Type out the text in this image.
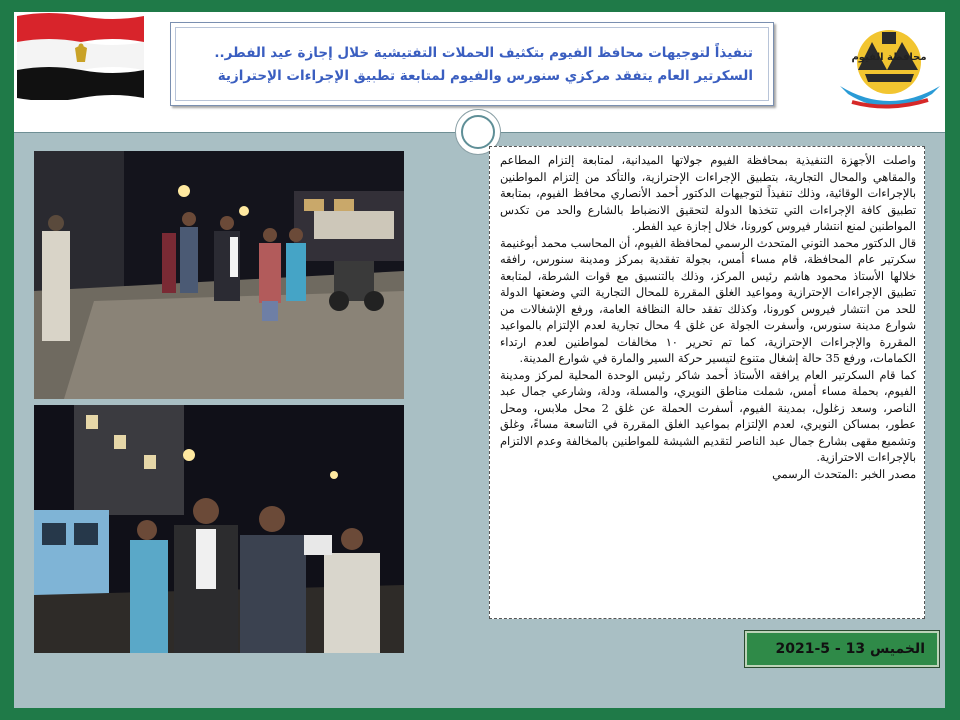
تنفيذاً لتوجيهات محافظ الفيوم بتكثيف الحملات التفتيشية خلال إجازة عيد الفطر..
السكرتير العام يتفقد مركزي سنورس والفيوم لمتابعة تطبيق الإجراءات الإحترازية
محافظة الفيوم

واصلت الأجهزة التنفيذية بمحافظة الفيوم جولاتها الميدانية، لمتابعة إلتزام المطاعم والمقاهي والمحال التجارية، بتطبيق الإجراءات الإحترازية، والتأكد من إلتزام المواطنين بالإجراءات الوقائية، وذلك تنفيذاً لتوجيهات الدكتور أحمد الأنصاري محافظ الفيوم، بمتابعة تطبيق كافة الإجراءات التي تتخذها الدولة لتحقيق الانضباط بالشارع والحد من تكدس المواطنين لمنع انتشار فيروس كورونا، خلال إجازة عيد الفطر.

قال الدكتور محمد التوني المتحدث الرسمي لمحافظة الفيوم، أن المحاسب محمد أبوغنيمة سكرتير عام المحافظة، قام مساء أمس، بجولة تفقدية بمركز ومدينة سنورس، رافقه خلالها الأستاذ محمود هاشم رئيس المركز، وذلك بالتنسيق مع قوات الشرطة، لمتابعة تطبيق الإجراءات الإحترازية ومواعيد الغلق المقررة للمحال التجارية التي وضعتها الدولة للحد من انتشار فيروس كورونا، وكذلك تفقد حالة النظافة العامة، ورفع الإشغالات من شوارع مدينة سنورس، وأسفرت الجولة عن غلق 4 محال تجارية لعدم الإلتزام بالمواعيد المقررة والإجراءات الإحترازية، كما تم تحرير ١٠ مخالفات لمواطنين لعدم ارتداء الكمامات، ورفع 35 حالة إشغال متنوع لتيسير حركة السير والمارة في شوارع المدينة.

كما قام السكرتير العام يرافقه الأستاذ أحمد شاكر رئيس الوحدة المحلية لمركز ومدينة الفيوم، بحملة مساء أمس، شملت مناطق النويري، والمسلة، ودلة، وشارعي جمال عبد الناصر، وسعد زغلول، بمدينة الفيوم، أسفرت الحملة عن غلق 2 محل ملابس، ومحل عطور، بمساكن النويري، لعدم الإلتزام بمواعيد الغلق المقررة في التاسعة مساءً، وغلق وتشميع مقهى بشارع جمال عبد الناصر لتقديم الشيشة للمواطنين بالمخالفة وعدم الالتزام بالإجراءات الاحترازية.

مصدر الخبر :المتحدث الرسمي

الخميس 13 - 5-2021
